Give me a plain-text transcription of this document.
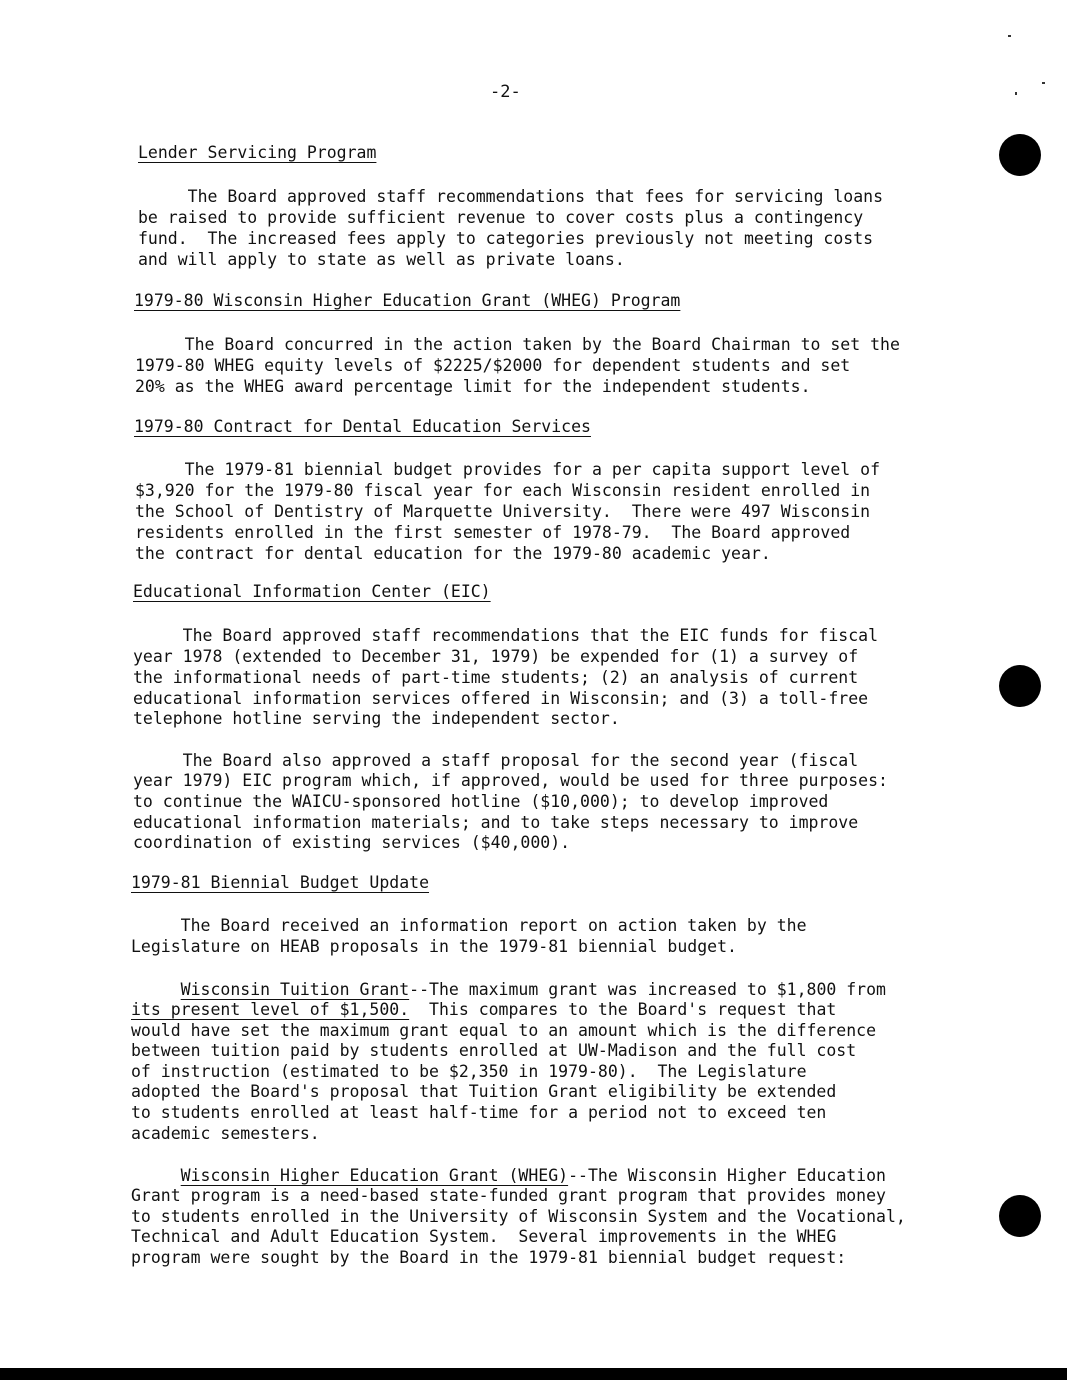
-2-
Lender Servicing Program
The Board approved staff recommendations that fees for servicing loans
be raised to provide sufficient revenue to cover costs plus a contingency
fund.  The increased fees apply to categories previously not meeting costs
and will apply to state as well as private loans.
1979-80 Wisconsin Higher Education Grant (WHEG) Program
The Board concurred in the action taken by the Board Chairman to set the
1979-80 WHEG equity levels of $2225/$2000 for dependent students and set
20% as the WHEG award percentage limit for the independent students.
1979-80 Contract for Dental Education Services
The 1979-81 biennial budget provides for a per capita support level of
$3,920 for the 1979-80 fiscal year for each Wisconsin resident enrolled in
the School of Dentistry of Marquette University.  There were 497 Wisconsin
residents enrolled in the first semester of 1978-79.  The Board approved
the contract for dental education for the 1979-80 academic year.
Educational Information Center (EIC)
The Board approved staff recommendations that the EIC funds for fiscal
year 1978 (extended to December 31, 1979) be expended for (1) a survey of
the informational needs of part-time students; (2) an analysis of current
educational information services offered in Wisconsin; and (3) a toll-free
telephone hotline serving the independent sector.
The Board also approved a staff proposal for the second year (fiscal
year 1979) EIC program which, if approved, would be used for three purposes:
to continue the WAICU-sponsored hotline ($10,000); to develop improved
educational information materials; and to take steps necessary to improve
coordination of existing services ($40,000).
1979-81 Biennial Budget Update
The Board received an information report on action taken by the
Legislature on HEAB proposals in the 1979-81 biennial budget.
Wisconsin Tuition Grant--The maximum grant was increased to $1,800 from
its present level of $1,500.  This compares to the Board's request that
would have set the maximum grant equal to an amount which is the difference
between tuition paid by students enrolled at UW-Madison and the full cost
of instruction (estimated to be $2,350 in 1979-80).  The Legislature
adopted the Board's proposal that Tuition Grant eligibility be extended
to students enrolled at least half-time for a period not to exceed ten
academic semesters.
Wisconsin Higher Education Grant (WHEG)--The Wisconsin Higher Education
Grant program is a need-based state-funded grant program that provides money
to students enrolled in the University of Wisconsin System and the Vocational,
Technical and Adult Education System.  Several improvements in the WHEG
program were sought by the Board in the 1979-81 biennial budget request:
